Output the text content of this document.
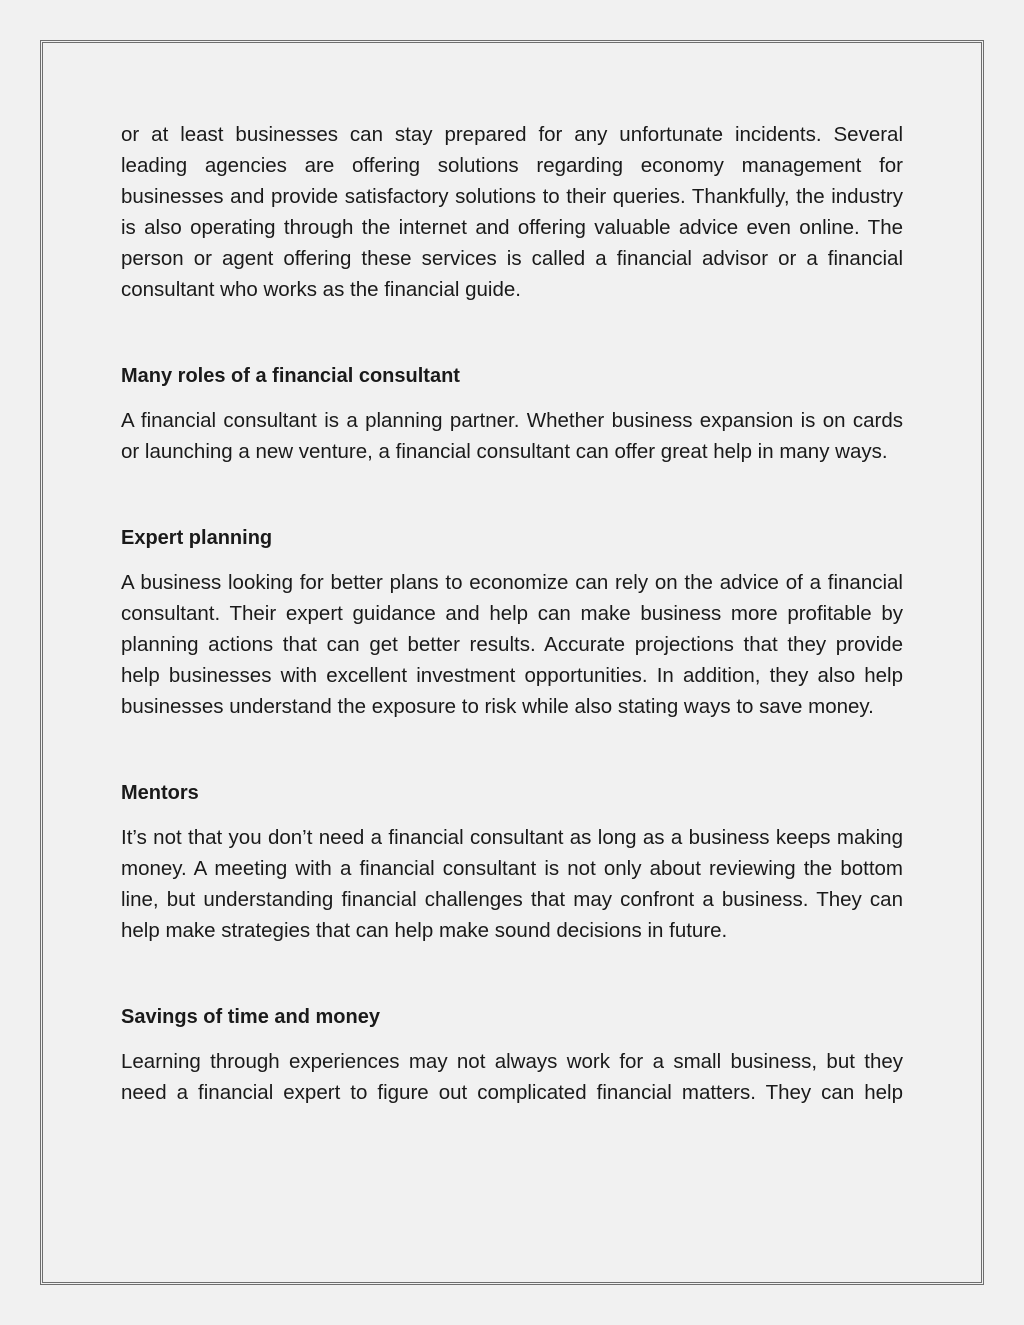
or at least businesses can stay prepared for any unfortunate incidents. Several leading agencies are offering solutions regarding economy management for businesses and provide satisfactory solutions to their queries. Thankfully, the industry is also operating through the internet and offering valuable advice even online. The person or agent offering these services is called a financial advisor or a financial consultant who works as the financial guide.

Many roles of a financial consultant

A financial consultant is a planning partner. Whether business expansion is on cards or launching a new venture, a financial consultant can offer great help in many ways.

Expert planning

A business looking for better plans to economize can rely on the advice of a financial consultant. Their expert guidance and help can make business more profitable by planning actions that can get better results. Accurate projections that they provide help businesses with excellent investment opportunities. In addition, they also help businesses understand the exposure to risk while also stating ways to save money.

Mentors

It’s not that you don’t need a financial consultant as long as a business keeps making money. A meeting with a financial consultant is not only about reviewing the bottom line, but understanding financial challenges that may confront a business. They can help make strategies that can help make sound decisions in future.

Savings of time and money

Learning through experiences may not always work for a small business, but they need a financial expert to figure out complicated financial matters. They can help
